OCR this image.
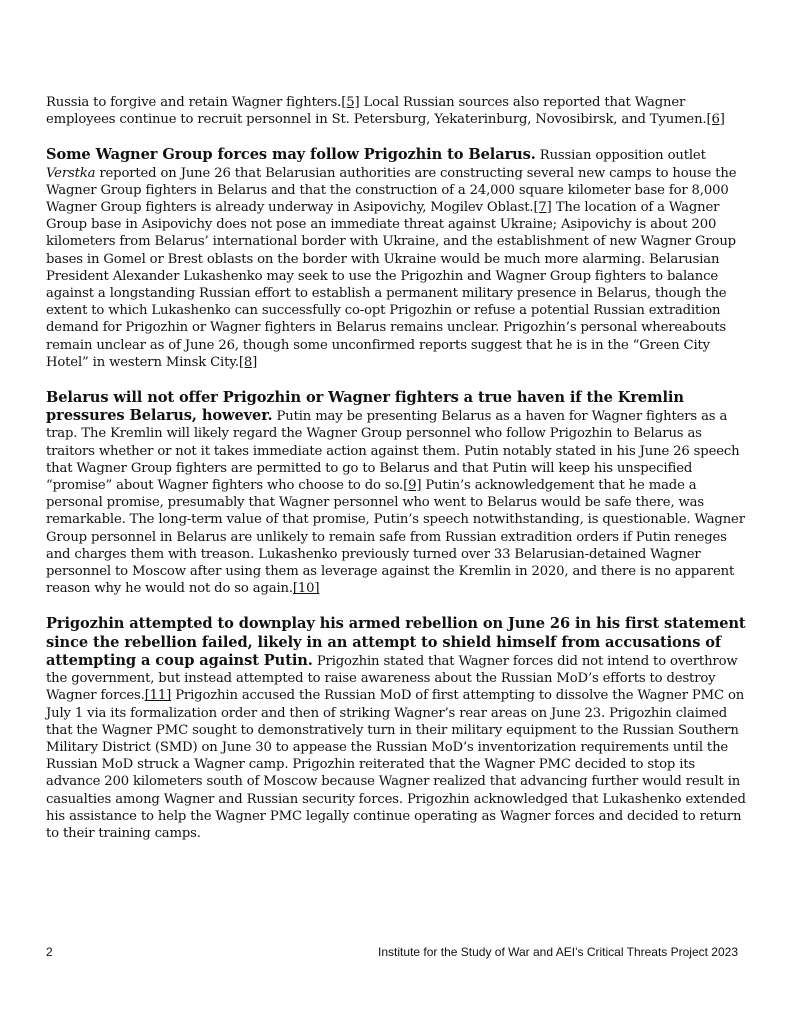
Russia to forgive and retain Wagner fighters.[5] Local Russian sources also reported that Wagner employees continue to recruit personnel in St. Petersburg, Yekaterinburg, Novosibirsk, and Tyumen.[6]

Some Wagner Group forces may follow Prigozhin to Belarus. Russian opposition outlet Verstka reported on June 26 that Belarusian authorities are constructing several new camps to house the Wagner Group fighters in Belarus and that the construction of a 24,000 square kilometer base for 8,000 Wagner Group fighters is already underway in Asipovichy, Mogilev Oblast.[7] The location of a Wagner Group base in Asipovichy does not pose an immediate threat against Ukraine; Asipovichy is about 200 kilometers from Belarus’ international border with Ukraine, and the establishment of new Wagner Group bases in Gomel or Brest oblasts on the border with Ukraine would be much more alarming. Belarusian President Alexander Lukashenko may seek to use the Prigozhin and Wagner Group fighters to balance against a longstanding Russian effort to establish a permanent military presence in Belarus, though the extent to which Lukashenko can successfully co-opt Prigozhin or refuse a potential Russian extradition demand for Prigozhin or Wagner fighters in Belarus remains unclear. Prigozhin’s personal whereabouts remain unclear as of June 26, though some unconfirmed reports suggest that he is in the “Green City Hotel” in western Minsk City.[8]

Belarus will not offer Prigozhin or Wagner fighters a true haven if the Kremlin pressures Belarus, however. Putin may be presenting Belarus as a haven for Wagner fighters as a trap. The Kremlin will likely regard the Wagner Group personnel who follow Prigozhin to Belarus as traitors whether or not it takes immediate action against them. Putin notably stated in his June 26 speech that Wagner Group fighters are permitted to go to Belarus and that Putin will keep his unspecified “promise” about Wagner fighters who choose to do so.[9] Putin’s acknowledgement that he made a personal promise, presumably that Wagner personnel who went to Belarus would be safe there, was remarkable. The long-term value of that promise, Putin’s speech notwithstanding, is questionable. Wagner Group personnel in Belarus are unlikely to remain safe from Russian extradition orders if Putin reneges and charges them with treason. Lukashenko previously turned over 33 Belarusian-detained Wagner personnel to Moscow after using them as leverage against the Kremlin in 2020, and there is no apparent reason why he would not do so again.[10]

Prigozhin attempted to downplay his armed rebellion on June 26 in his first statement since the rebellion failed, likely in an attempt to shield himself from accusations of attempting a coup against Putin. Prigozhin stated that Wagner forces did not intend to overthrow the government, but instead attempted to raise awareness about the Russian MoD’s efforts to destroy Wagner forces.[11] Prigozhin accused the Russian MoD of first attempting to dissolve the Wagner PMC on July 1 via its formalization order and then of striking Wagner’s rear areas on June 23. Prigozhin claimed that the Wagner PMC sought to demonstratively turn in their military equipment to the Russian Southern Military District (SMD) on June 30 to appease the Russian MoD’s inventorization requirements until the Russian MoD struck a Wagner camp. Prigozhin reiterated that the Wagner PMC decided to stop its advance 200 kilometers south of Moscow because Wagner realized that advancing further would result in casualties among Wagner and Russian security forces. Prigozhin acknowledged that Lukashenko extended his assistance to help the Wagner PMC legally continue operating as Wagner forces and decided to return to their training camps.

2	Institute for the Study of War and AEI’s Critical Threats Project 2023
